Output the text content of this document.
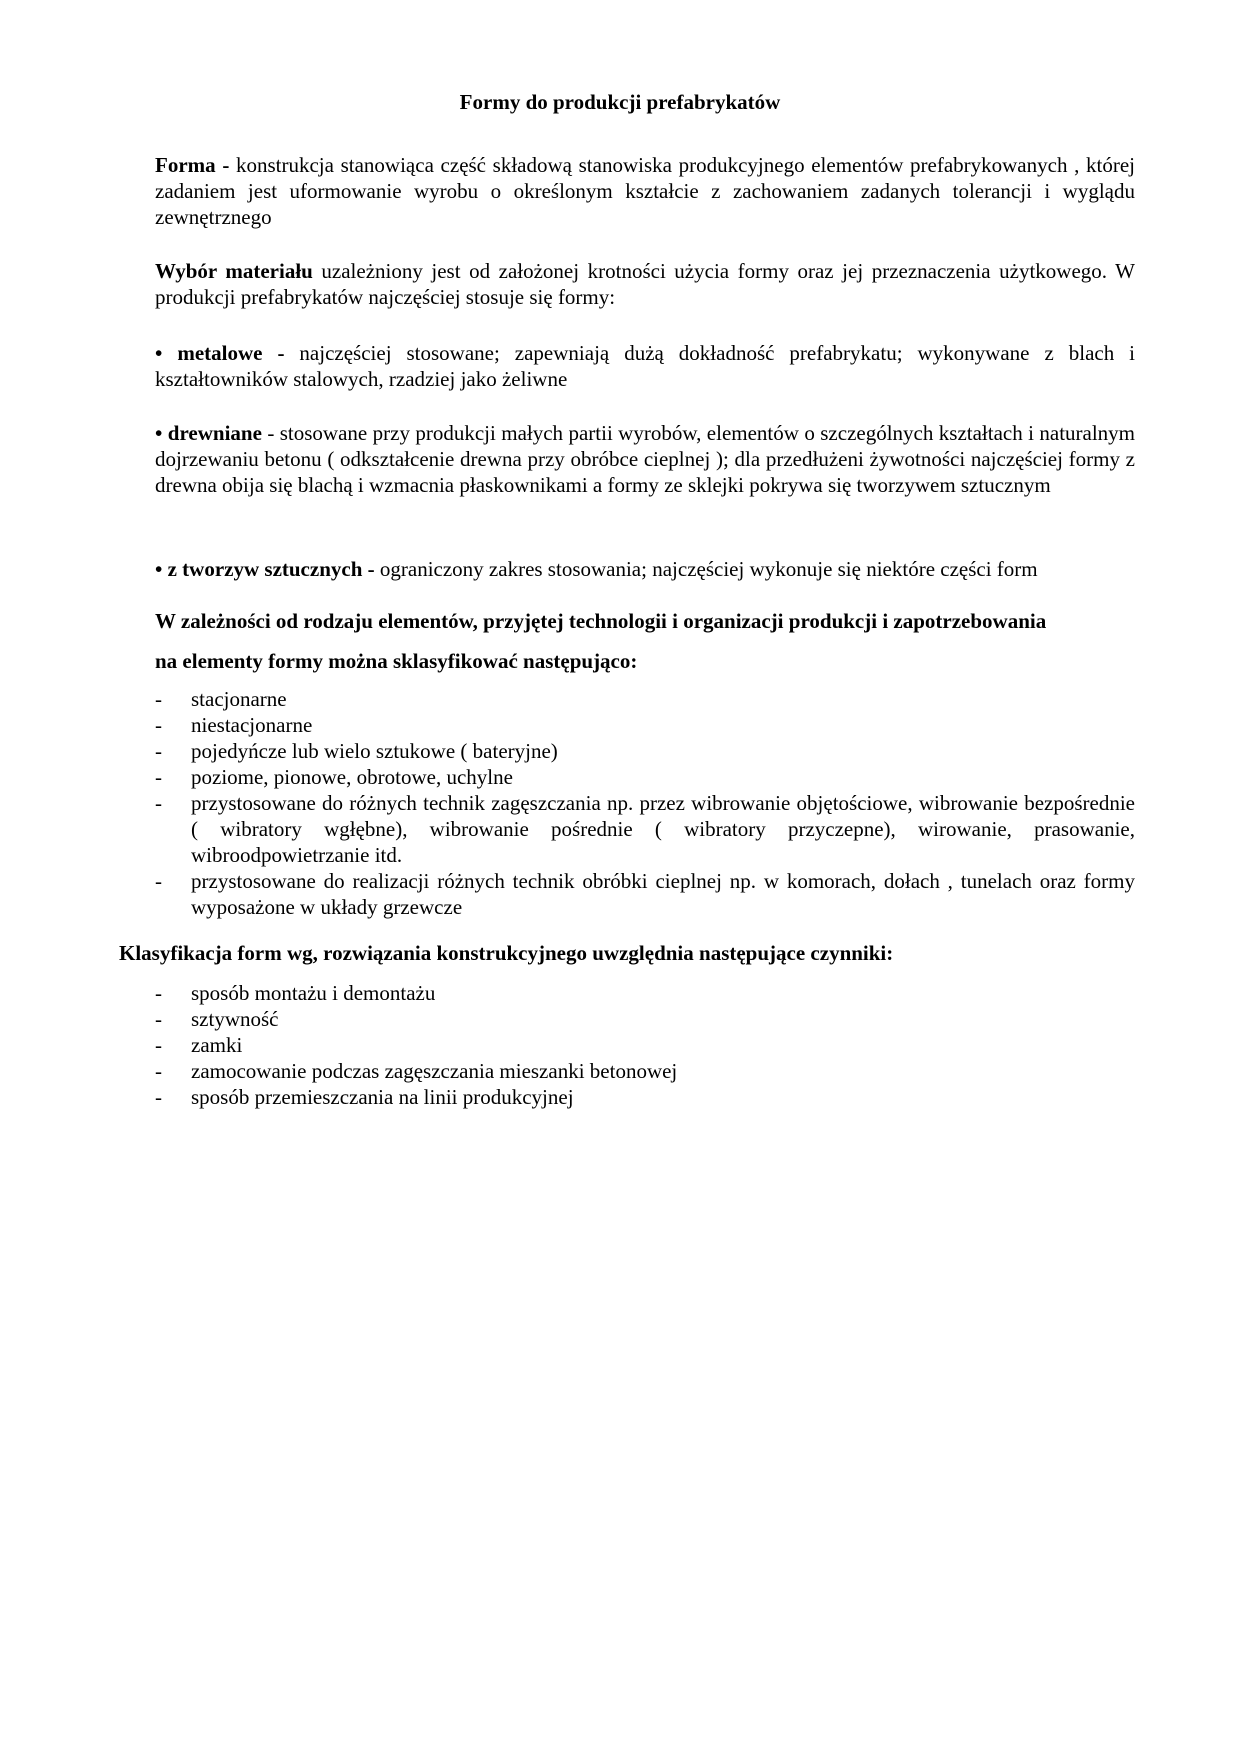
Formy do produkcji prefabrykatów
Forma - konstrukcja stanowiąca część składową stanowiska produkcyjnego elementów prefabrykowanych , której zadaniem jest uformowanie wyrobu o określonym kształcie z zachowaniem zadanych tolerancji i wyglądu zewnętrznego
Wybór materiału uzależniony jest od założonej krotności użycia formy oraz jej przeznaczenia użytkowego. W produkcji prefabrykatów najczęściej stosuje się formy:
• metalowe - najczęściej stosowane; zapewniają dużą dokładność prefabrykatu; wykonywane z blach i kształtowników stalowych, rzadziej jako żeliwne
• drewniane - stosowane przy produkcji małych partii wyrobów, elementów o szczególnych kształtach i naturalnym dojrzewaniu betonu ( odkształcenie drewna przy obróbce cieplnej ); dla przedłużeni żywotności najczęściej formy z drewna obija się blachą i wzmacnia płaskownikami a formy ze sklejki pokrywa się tworzywem sztucznym
• z tworzyw sztucznych - ograniczony zakres stosowania; najczęściej wykonuje się niektóre części form
W zależności od rodzaju elementów, przyjętej technologii i organizacji produkcji i zapotrzebowania
na elementy formy można sklasyfikować następująco:
- stacjonarne
- niestacjonarne
- pojedyńcze lub wielo sztukowe ( bateryjne)
- poziome, pionowe, obrotowe, uchylne
- przystosowane do różnych technik zagęszczania np. przez wibrowanie objętościowe, wibrowanie bezpośrednie ( wibratory wgłębne), wibrowanie pośrednie ( wibratory przyczepne), wirowanie, prasowanie, wibroodpowietrzanie itd.
- przystosowane do realizacji różnych technik obróbki cieplnej np. w komorach, dołach , tunelach oraz formy wyposażone w układy grzewcze
Klasyfikacja form wg, rozwiązania konstrukcyjnego uwzględnia następujące czynniki:
- sposób montażu i demontażu
- sztywność
- zamki
- zamocowanie podczas zagęszczania mieszanki betonowej
- sposób przemieszczania na linii produkcyjnej
